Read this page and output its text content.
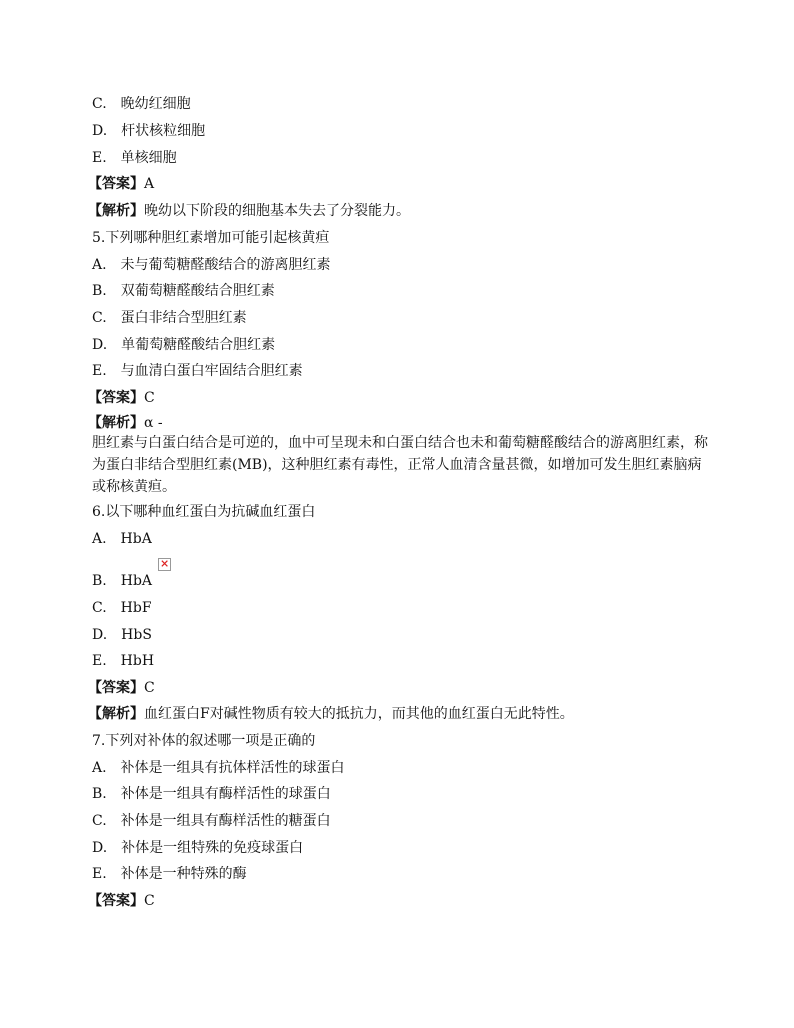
C.　晚幼红细胞
D.　杆状核粒细胞
E.　单核细胞
【答案】A
【解析】晚幼以下阶段的细胞基本失去了分裂能力。
5.下列哪种胆红素增加可能引起核黄疸
A.　未与葡萄糖醛酸结合的游离胆红素
B.　双葡萄糖醛酸结合胆红素
C.　蛋白非结合型胆红素
D.　单葡萄糖醛酸结合胆红素
E.　与血清白蛋白牢固结合胆红素
【答案】C
【解析】α -
胆红素与白蛋白结合是可逆的，血中可呈现未和白蛋白结合也未和葡萄糖醛酸结合的游离胆红素，称为蛋白非结合型胆红素(MB)，这种胆红素有毒性，正常人血清含量甚微，如增加可发生胆红素脑病或称核黄疸。
6.以下哪种血红蛋白为抗碱血红蛋白
A.　HbA
B.　HbA×
C.　HbF
D.　HbS
E.　HbH
【答案】C
【解析】血红蛋白F对碱性物质有较大的抵抗力，而其他的血红蛋白无此特性。
7.下列对补体的叙述哪一项是正确的
A.　补体是一组具有抗体样活性的球蛋白
B.　补体是一组具有酶样活性的球蛋白
C.　补体是一组具有酶样活性的糖蛋白
D.　补体是一组特殊的免疫球蛋白
E.　补体是一种特殊的酶
【答案】C
